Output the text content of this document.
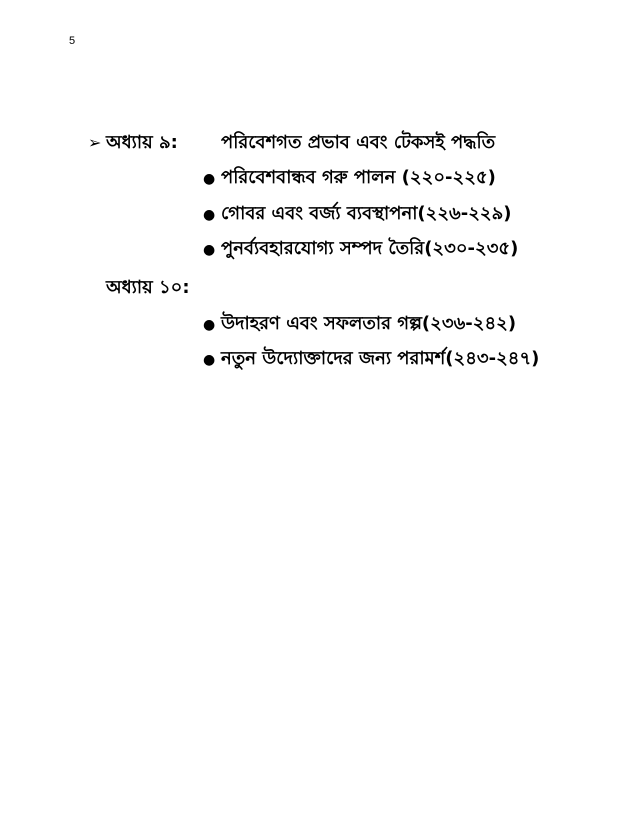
5
➢ অধ্যায় ৯: পরিবেশগত প্রভাব এবং টেকসই পদ্ধতি
● পরিবেশবান্ধব গরু পালন (২২০-২২৫)
● গোবর এবং বর্জ্য ব্যবস্থাপনা(২২৬-২২৯)
● পুনর্ব্যবহারযোগ্য সম্পদ তৈরি(২৩০-২৩৫)
অধ্যায় ১০:
● উদাহরণ এবং সফলতার গল্প(২৩৬-২৪২)
● নতুন উদ্যোক্তাদের জন্য পরামর্শ(২৪৩-২৪৭)
